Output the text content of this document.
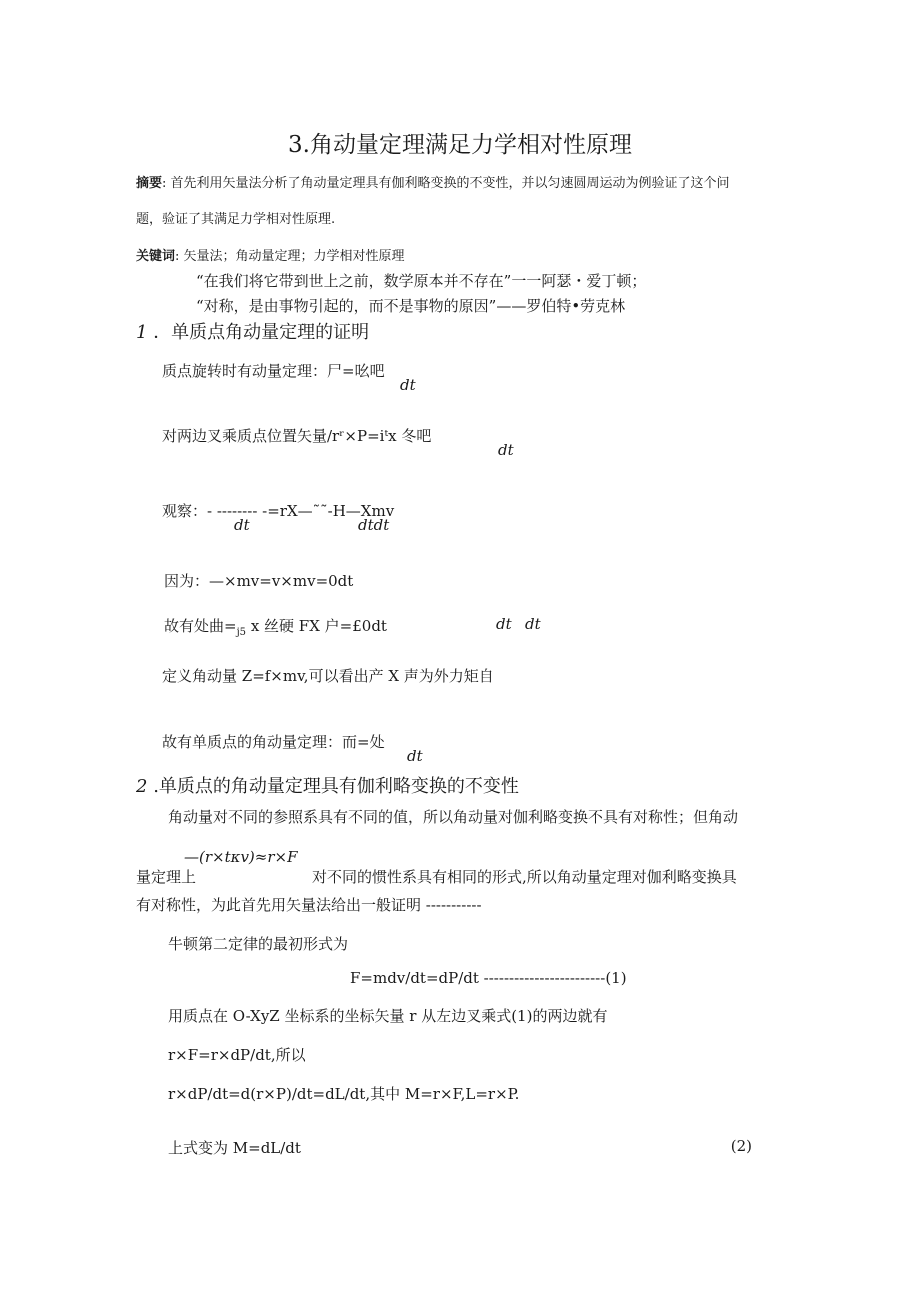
3.角动量定理满足力学相对性原理
摘要: 首先利用矢量法分析了角动量定理具有伽利略变换的不变性，并以匀速圆周运动为例验证了这个问
题，验证了其满足力学相对性原理.
关键词: 矢量法；角动量定理；力学相对性原理
“在我们将它带到世上之前，数学原本并不存在”一一阿瑟・爱丁顿；
“对称，是由事物引起的，而不是事物的原因”——罗伯特•劳克林
1 ．单质点角动量定理的证明
质点旋转时有动量定理：尸=吆吧
dt
对两边叉乘质点位置矢量/rʳ×P=iᵗx 冬吧
dt
观察：- -------- -=rX—˜˜-H—Xmv
dt	dtdt
因为：—×mv=v×mv=0dt
故有处曲$=_{j5}$ x 丝硬 FX 户=£0dt	dt dt
定义角动量 Z=f×mv,可以看出产 X 声为外力矩自
故有单质点的角动量定理：而=处
dt
2 .单质点的角动量定理具有伽利略变换的不变性
角动量对不同的参照系具有不同的值，所以角动量对伽利略变换不具有对称性；但角动
—(r×tκv)≈r×F
量定理上	对不同的惯性系具有相同的形式,所以角动量定理对伽利略变换具
有对称性，为此首先用矢量法给出一般证明 -----------
牛顿第二定律的最初形式为
F=mdv/dt=dP/dt ------------------------(1)
用质点在 O-XyZ 坐标系的坐标矢量 r 从左边叉乘式(1)的两边就有
r×F=r×dP/dt,所以
r×dP/dt=d(r×P)/dt=dL/dt,其中 M=r×F,L=r×P.
上式变为 M=dL/dt	(2)
